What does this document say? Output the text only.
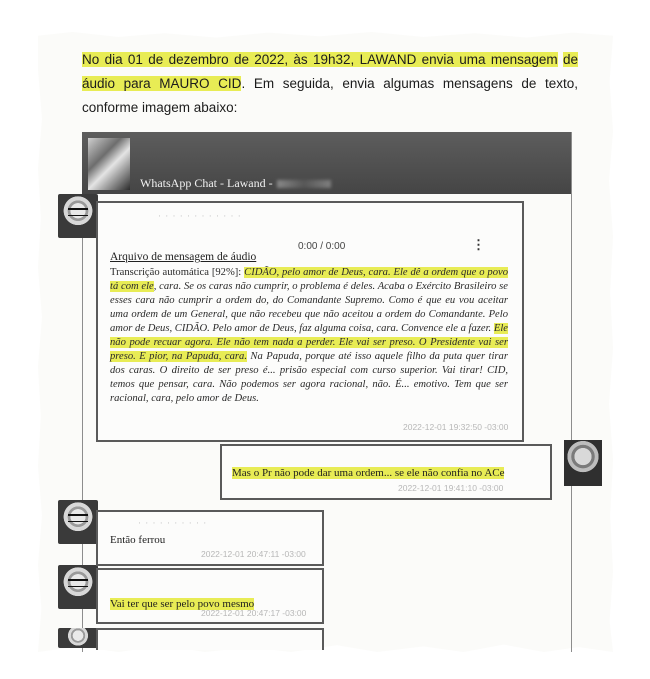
No dia 01 de dezembro de 2022, às 19h32, LAWAND envia uma mensagem de áudio para MAURO CID. Em seguida, envia algumas mensagens de texto, conforme imagem abaixo:
WhatsApp Chat - Lawand -
· · · · · · · · · · · ·
0:00 / 0:00	⋮
Arquivo de mensagem de áudio
Transcrição automática [92%]: CIDÃO, pelo amor de Deus, cara. Ele dê a ordem que o povo tá com ele, cara. Se os caras não cumprir, o problema é deles. Acaba o Exército Brasileiro se esses cara não cumprir a ordem do, do Comandante Supremo. Como é que eu vou aceitar uma ordem de um General, que não recebeu que não aceitou a ordem do Comandante. Pelo amor de Deus, CIDÃO. Pelo amor de Deus, faz alguma coisa, cara. Convence ele a fazer. Ele não pode recuar agora. Ele não tem nada a perder. Ele vai ser preso. O Presidente vai ser preso. E pior, na Papuda, cara. Na Papuda, porque até isso aquele filho da puta quer tirar dos caras. O direito de ser preso é... prisão especial com curso superior. Vai tirar! CID, temos que pensar, cara. Não podemos ser agora racional, não. É... emotivo. Tem que ser racional, cara, pelo amor de Deus.
2022-12-01 19:32:50 -03:00
Mas o Pr não pode dar uma ordem... se ele não confia no ACe
2022-12-01 19:41:10 -03:00
· · · · · · · · · ·
Então ferrou
2022-12-01 20:47:11 -03:00
Vai ter que ser pelo povo mesmo
2022-12-01 20:47:17 -03:00
